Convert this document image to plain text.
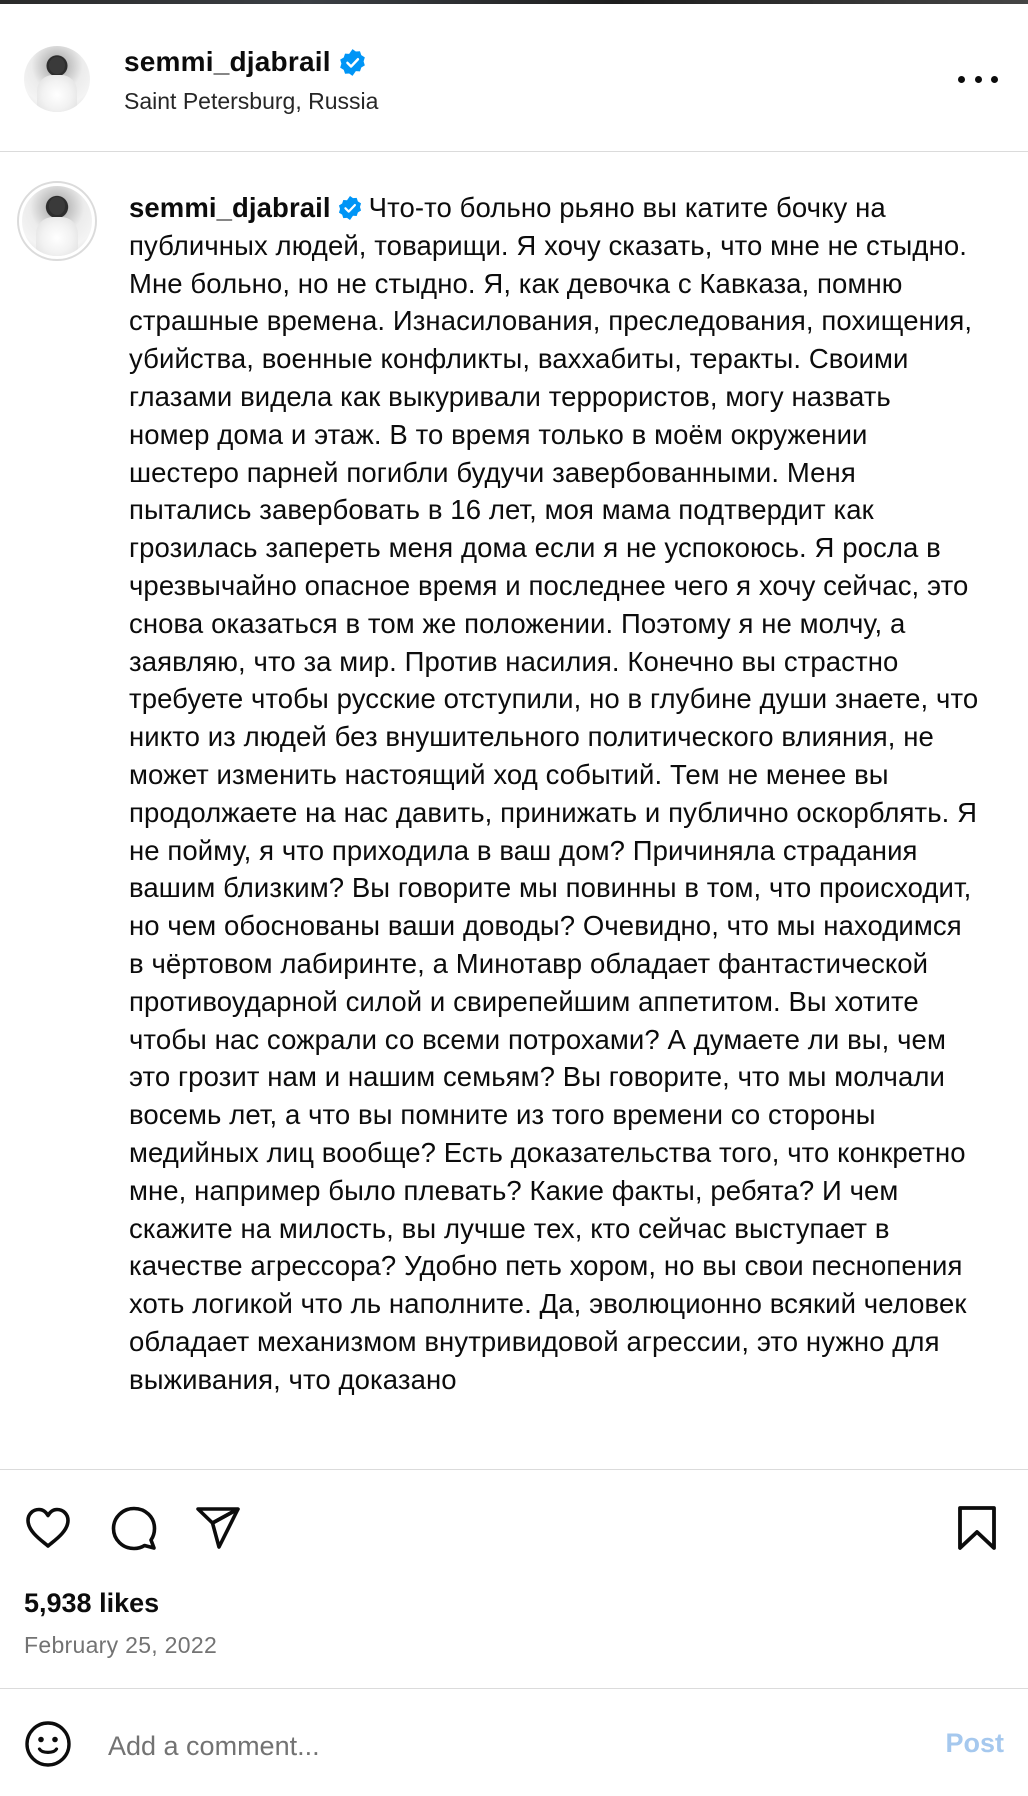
semmi_djabrail
Saint Petersburg, Russia
semmi_djabrail Что-то больно рьяно вы катите бочку на публичных людей, товарищи. Я хочу сказать, что мне не стыдно. Мне больно, но не стыдно. Я, как девочка с Кавказа, помню страшные времена. Изнасилования, преследования, похищения, убийства, военные конфликты, ваххабиты, теракты. Своими глазами видела как выкуривали террористов, могу назвать номер дома и этаж. В то время только в моём окружении шестеро парней погибли будучи завербованными. Меня пытались завербовать в 16 лет, моя мама подтвердит как грозилась запереть меня дома если я не успокоюсь. Я росла в чрезвычайно опасное время и последнее чего я хочу сейчас, это снова оказаться в том же положении. Поэтому я не молчу, а заявляю, что за мир. Против насилия. Конечно вы страстно требуете чтобы русские отступили, но в глубине души знаете, что никто из людей без внушительного политического влияния, не может изменить настоящий ход событий. Тем не менее вы продолжаете на нас давить, принижать и публично оскорблять. Я не пойму, я что приходила в ваш дом? Причиняла страдания вашим близким? Вы говорите мы повинны в том, что происходит, но чем обоснованы ваши доводы? Очевидно, что мы находимся в чёртовом лабиринте, а Минотавр обладает фантастической противоударной силой и свирепейшим аппетитом. Вы хотите чтобы нас сожрали со всеми потрохами? А думаете ли вы, чем это грозит нам и нашим семьям? Вы говорите, что мы молчали восемь лет, а что вы помните из того времени со стороны медийных лиц вообще? Есть доказательства того, что конкретно мне, например было плевать? Какие факты, ребята? И чем скажите на милость, вы лучше тех, кто сейчас выступает в качестве агрессора? Удобно петь хором, но вы свои песнопения хоть логикой что ль наполните. Да, эволюционно всякий человек обладает механизмом внутривидовой агрессии, это нужно для выживания, что доказано
5,938 likes
February 25, 2022
Add a comment...
Post
